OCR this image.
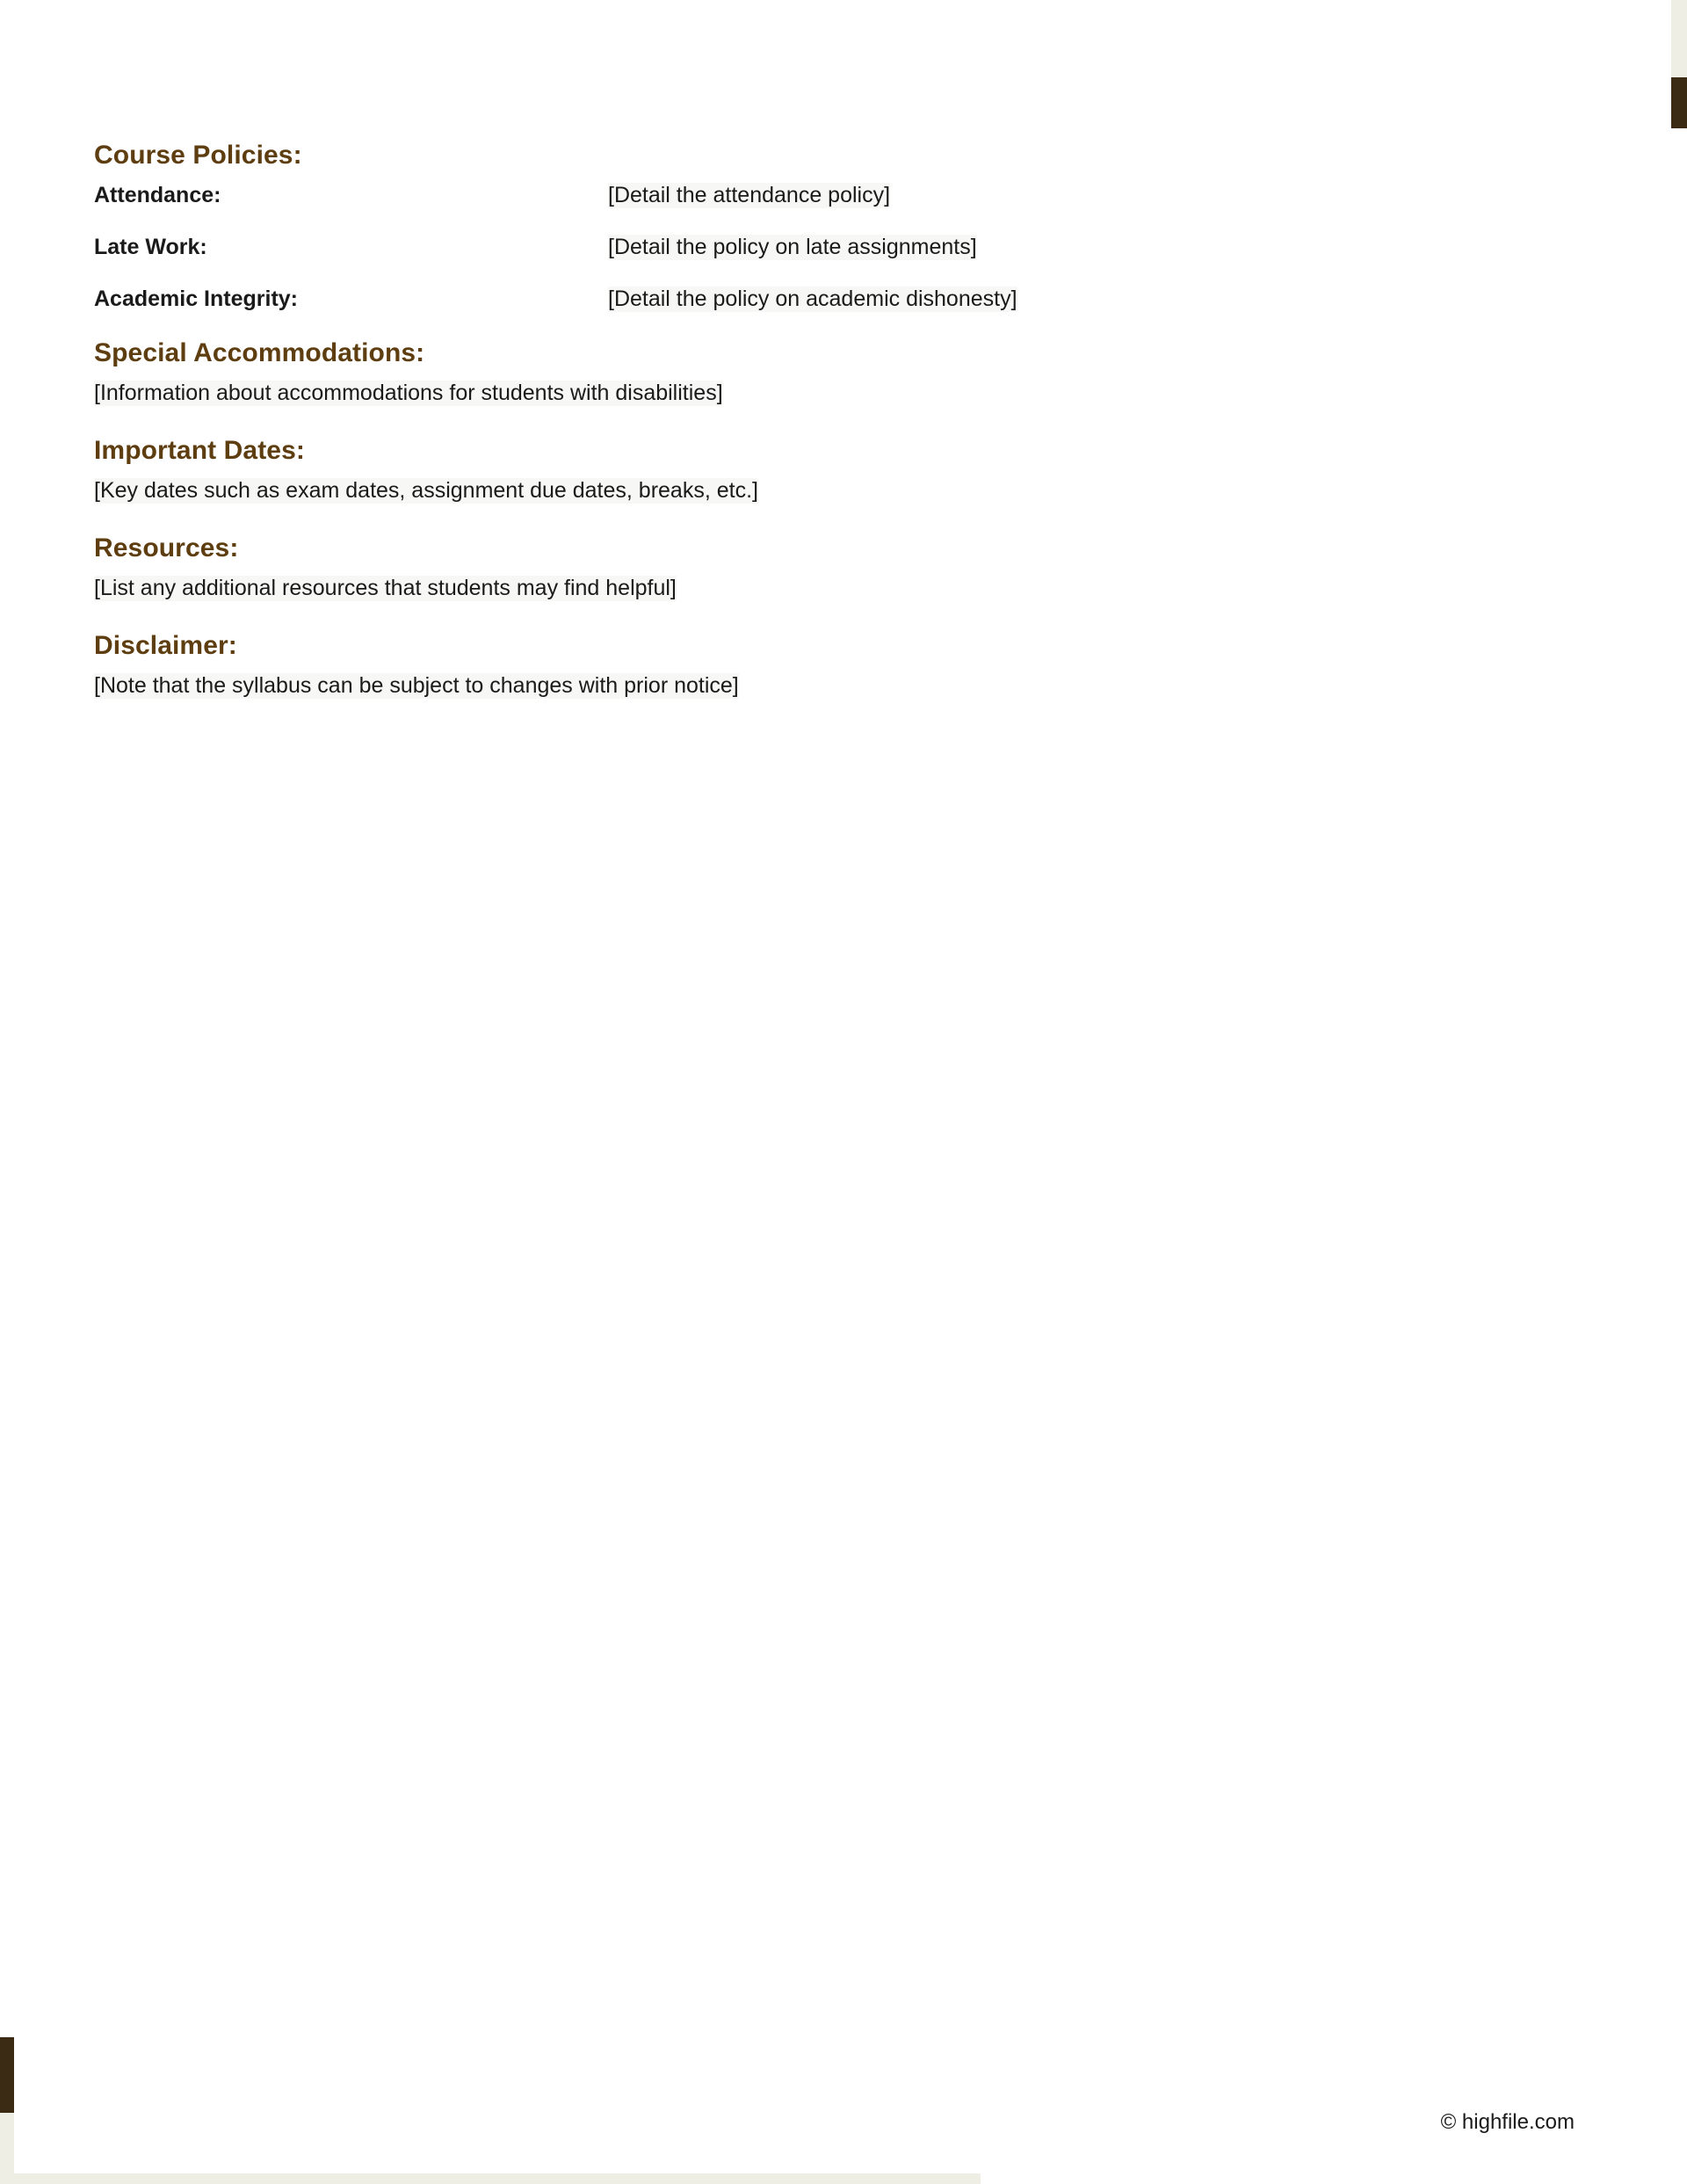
Course Policies:
Attendance:	[Detail the attendance policy]
Late Work:	[Detail the policy on late assignments]
Academic Integrity:	[Detail the policy on academic dishonesty]
Special Accommodations:

[Information about accommodations for students with disabilities]

Important Dates:

[Key dates such as exam dates, assignment due dates, breaks, etc.]

Resources:

[List any additional resources that students may find helpful]

Disclaimer:

[Note that the syllabus can be subject to changes with prior notice]

© highfile.com
